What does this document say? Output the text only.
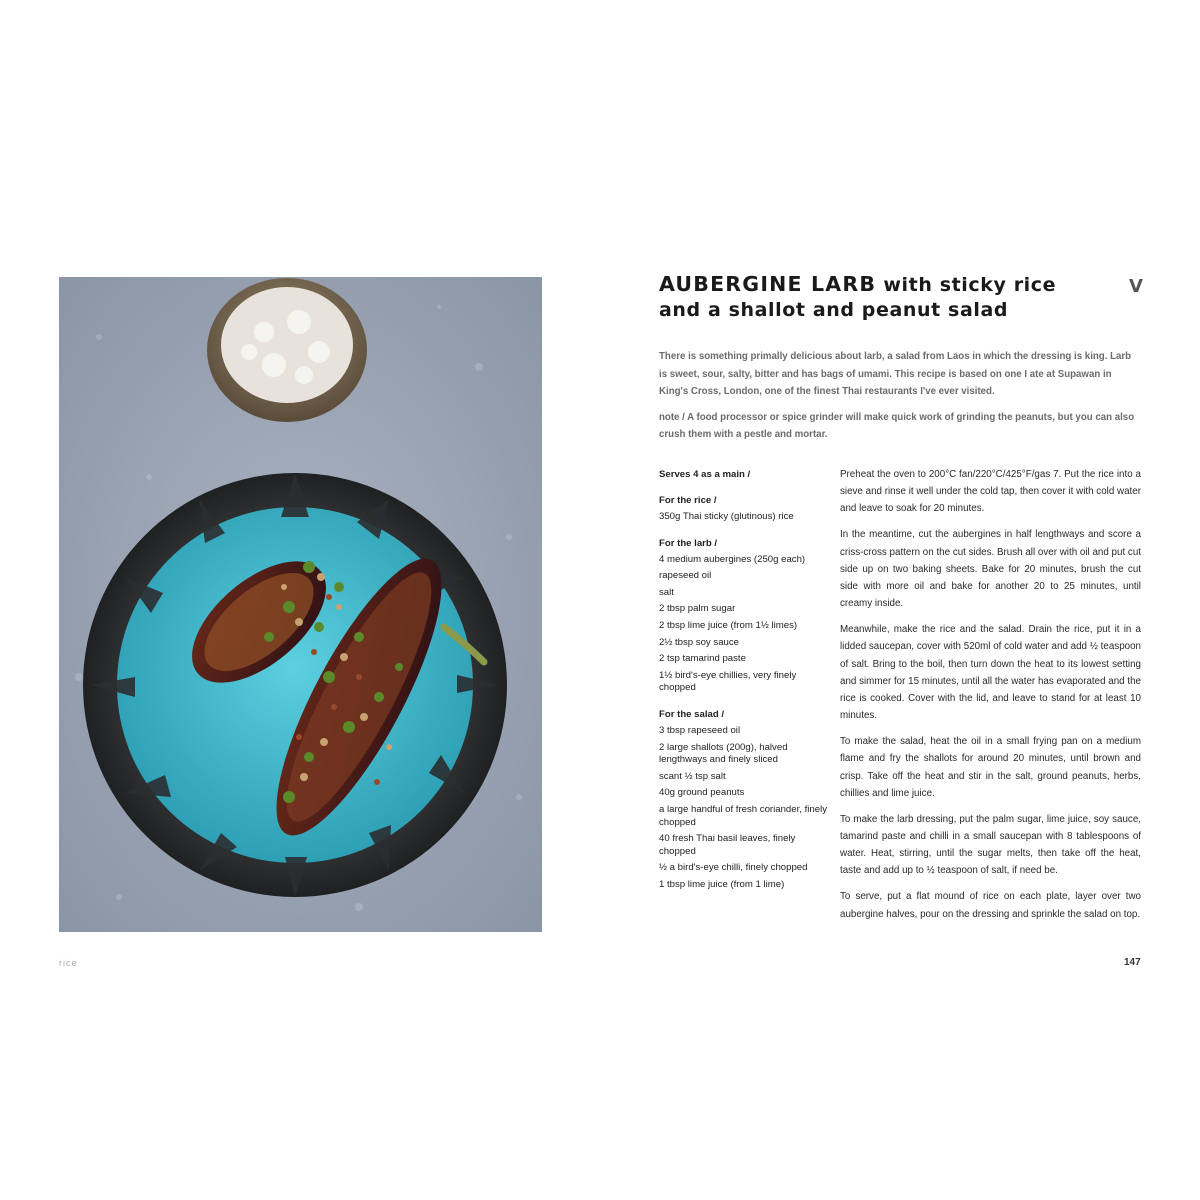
AUBERGINE LARB with sticky rice and a shallot and peanut salad
V

There is something primally delicious about larb, a salad from Laos in which the dressing is king. Larb is sweet, sour, salty, bitter and has bags of umami. This recipe is based on one I ate at Supawan in King's Cross, London, one of the finest Thai restaurants I've ever visited.

note / A food processor or spice grinder will make quick work of grinding the peanuts, but you can also crush them with a pestle and mortar.

Serves 4 as a main /
For the rice /
350g Thai sticky (glutinous) rice
For the larb /
4 medium aubergines (250g each)
rapeseed oil
salt
2 tbsp palm sugar
2 tbsp lime juice (from 1½ limes)
2½ tbsp soy sauce
2 tsp tamarind paste
1½ bird's-eye chillies, very finely chopped
For the salad /
3 tbsp rapeseed oil
2 large shallots (200g), halved lengthways and finely sliced
scant ½ tsp salt
40g ground peanuts
a large handful of fresh coriander, finely chopped
40 fresh Thai basil leaves, finely chopped
½ a bird's-eye chilli, finely chopped
1 tbsp lime juice (from 1 lime)

Preheat the oven to 200°C fan/220°C/425°F/gas 7. Put the rice into a sieve and rinse it well under the cold tap, then cover it with cold water and leave to soak for 20 minutes.

In the meantime, cut the aubergines in half lengthways and score a criss-cross pattern on the cut sides. Brush all over with oil and put cut side up on two baking sheets. Bake for 20 minutes, brush the cut side with more oil and bake for another 20 to 25 minutes, until creamy inside.

Meanwhile, make the rice and the salad. Drain the rice, put it in a lidded saucepan, cover with 520ml of cold water and add ½ teaspoon of salt. Bring to the boil, then turn down the heat to its lowest setting and simmer for 15 minutes, until all the water has evaporated and the rice is cooked. Cover with the lid, and leave to stand for at least 10 minutes.

To make the salad, heat the oil in a small frying pan on a medium flame and fry the shallots for around 20 minutes, until brown and crisp. Take off the heat and stir in the salt, ground peanuts, herbs, chillies and lime juice.

To make the larb dressing, put the palm sugar, lime juice, soy sauce, tamarind paste and chilli in a small saucepan with 8 tablespoons of water. Heat, stirring, until the sugar melts, then take off the heat, taste and add up to ½ teaspoon of salt, if need be.

To serve, put a flat mound of rice on each plate, layer over two aubergine halves, pour on the dressing and sprinkle the salad on top.

rice	147
